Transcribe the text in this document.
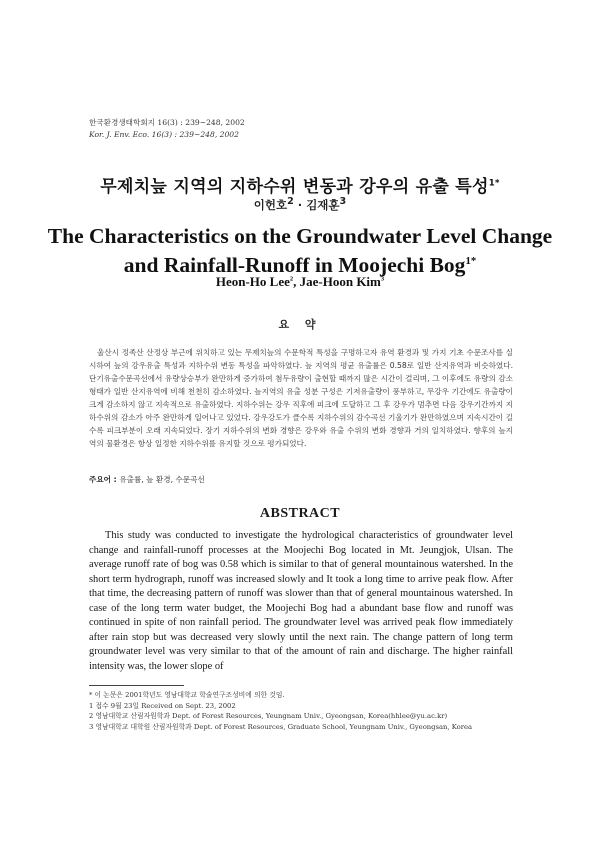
한국환경생태학회지 16(3) : 239~248, 2002
Kor. J. Env. Eco. 16(3) : 239~248, 2002
무제치늪 지역의 지하수위 변동과 강우의 유출 특성$^{1*}$
이헌호$^2$ · 김재훈$^3$
The Characteristics on the Groundwater Level Change
and Rainfall-Runoff in Moojechi Bog$^{1*}$
Heon-Ho Lee$^2$, Jae-Hoon Kim$^3$
요 약
울산시 정족산 산정상 부근에 위치하고 있는 무제치늪의 수문학적 특성을 구명하고자 유역 환경과 및 가지 기초 수문조사를 실시하여 늪의 강우유출 특성과 지하수위 변동 특성을 파악하였다. 늪 지역의 평균 유출률은 0.58로 일반 산지유역과 비슷하였다. 단기유출수문곡선에서 유량상승부가 완만하게 증가하여 첨두유량이 출현할 때까지 많은 시간이 걸리며, 그 이후에도 유량의 감소형태가 일반 산지유역에 비해 천천히 감소하였다. 늪지역의 유출 성분 구성은 기저유출량이 풍부하고, 무강우 기간에도 유출량이 크게 감소하지 않고 지속적으로 유출하였다. 지하수위는 강우 직후에 피크에 도달하고 그 후 강우가 멈추면 다음 강우기간까지 지하수위의 감소가 아주 완만하게 일어나고 있었다. 강우강도가 클수록 지하수위의 감수곡선 기울기가 완만하였으며 지속시간이 길수록 피크부분이 오래 지속되었다. 장기 지하수위의 변화 경향은 강우와 유출 수위의 변화 경향과 거의 일치하였다. 향후의 늪지역의 물환경은 항상 일정한 지하수위를 유지할 것으로 평가되었다.
주요어 : 유출률, 늪 환경, 수문곡선
ABSTRACT
This study was conducted to investigate the hydrological characteristics of groundwater level change and rainfall-runoff processes at the Moojechi Bog located in Mt. Jeungjok, Ulsan. The average runoff rate of bog was 0.58 which is similar to that of general mountainous watershed. In the short term hydrograph, runoff was increased slowly and It took a long time to arrive peak flow. After that time, the decreasing pattern of runoff was slower than that of general mountainous watershed. In case of the long term water budget, the Moojechi Bog had a abundant base flow and runoff was continued in spite of non rainfall period. The groundwater level was arrived peak flow immediately after rain stop but was decreased very slowly until the next rain. The change pattern of long term groundwater level was very similar to that of the amount of rain and discharge. The higher rainfall intensity was, the lower slope of
* 이 논문은 2001학년도 영남대학교 학술연구조성비에 의한 것임.
1 접수 9월 23일 Received on Sept. 23, 2002
2 영남대학교 산림자원학과 Dept. of Forest Resources, Yeungnam Univ., Gyeongsan, Korea(hhlee@yu.ac.kr)
3 영남대학교 대학원 산림자원학과 Dept. of Forest Resources, Graduate School, Yeungnam Univ., Gyeongsan, Korea
